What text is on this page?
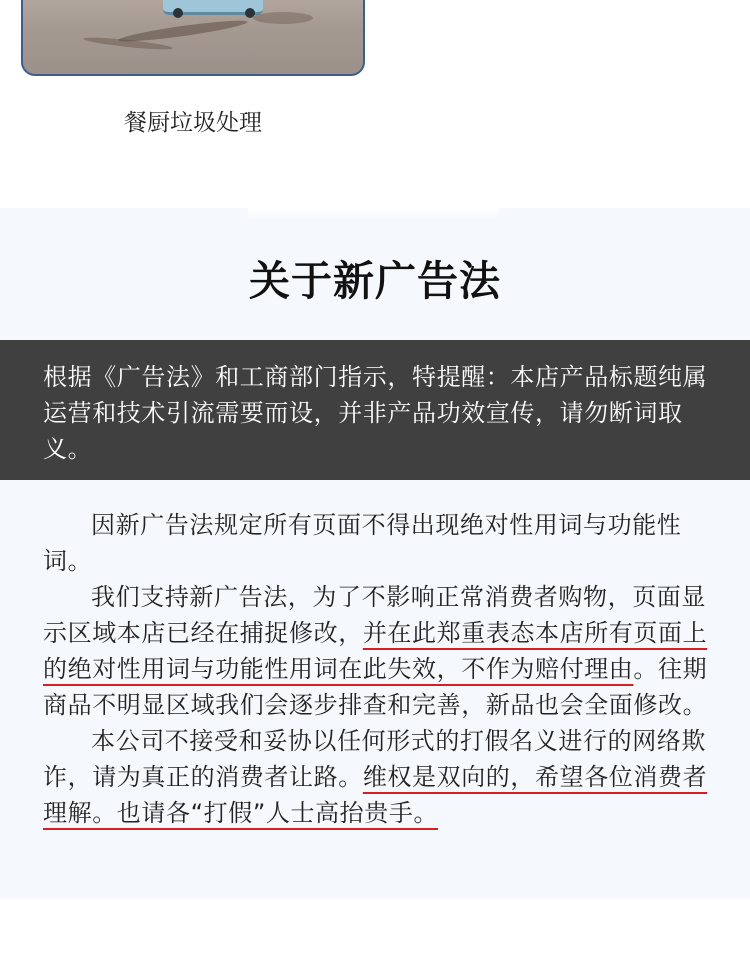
餐厨垃圾处理
关于新广告法

根据《广告法》和工商部门指示，特提醒：本店产品标题纯属运营和技术引流需要而设，并非产品功效宣传，请勿断词取义。

因新广告法规定所有页面不得出现绝对性用词与功能性词。

我们支持新广告法，为了不影响正常消费者购物，页面显示区域本店已经在捕捉修改，并在此郑重表态本店所有页面上的绝对性用词与功能性用词在此失效，不作为赔付理由。往期商品不明显区域我们会逐步排查和完善，新品也会全面修改。

本公司不接受和妥协以任何形式的打假名义进行的网络欺诈，请为真正的消费者让路。维权是双向的，希望各位消费者理解。也请各“打假”人士高抬贵手。
